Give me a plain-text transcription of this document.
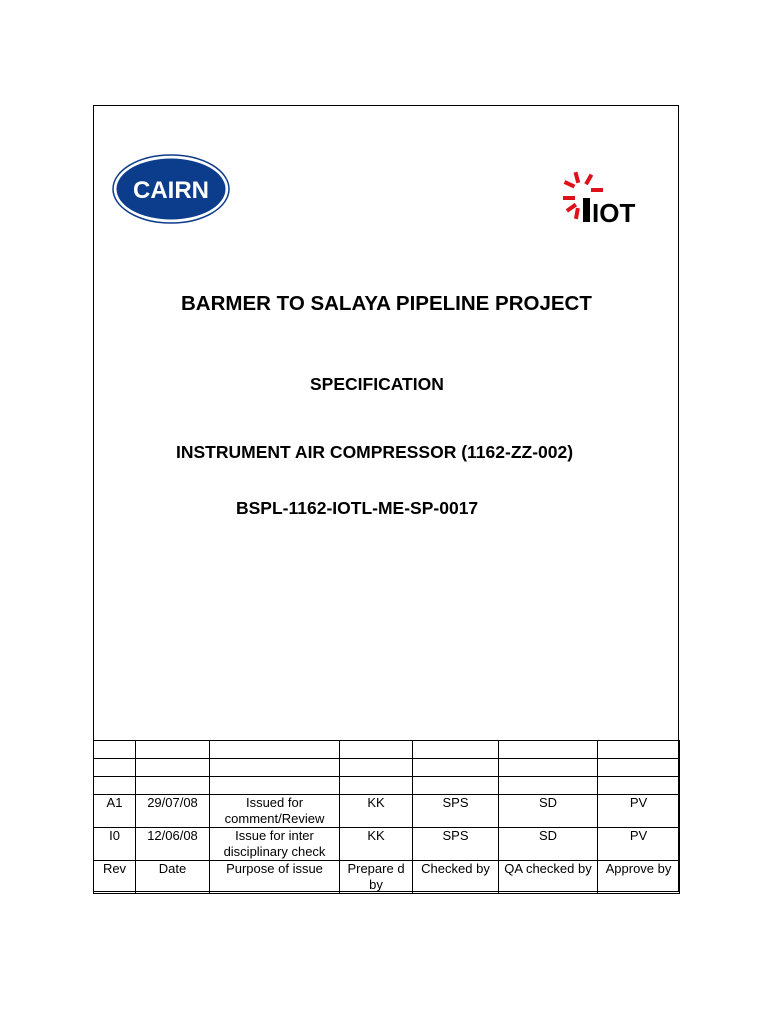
CAIRN
IOT
BARMER TO SALAYA PIPELINE PROJECT
SPECIFICATION
INSTRUMENT AIR COMPRESSOR (1162-ZZ-002)
BSPL-1162-IOTL-ME-SP-0017

A1	29/07/08	Issued for comment/Review	KK	SPS	SD	PV
I0	12/06/08	Issue for inter disciplinary check	KK	SPS	SD	PV
Rev	Date	Purpose of issue	Prepare d by	Checked by	QA checked by	Approve by
